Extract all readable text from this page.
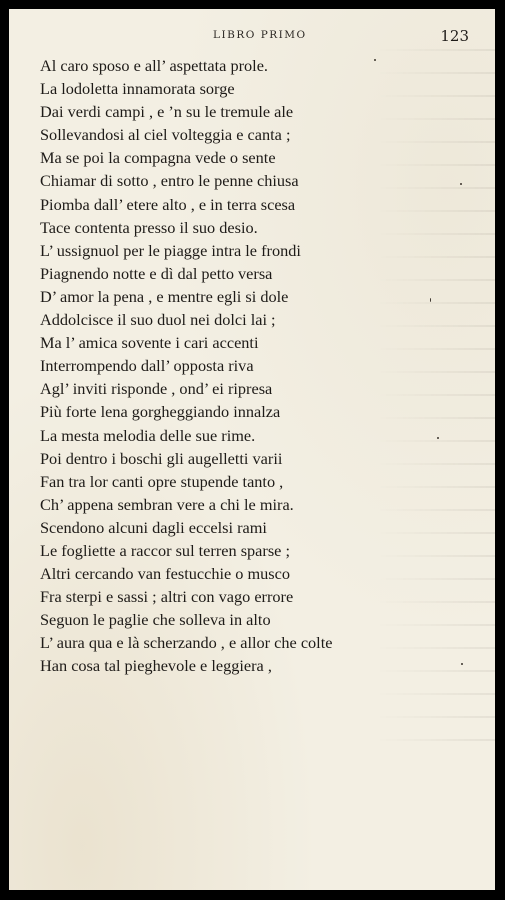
LIBRO PRIMO	123
Al caro sposo e all’ aspettata prole.
La lodoletta innamorata sorge
Dai verdi campi , e ’n su le tremule ale
Sollevandosi al ciel volteggia e canta ;
Ma se poi la compagna vede o sente
Chiamar di sotto , entro le penne chiusa
Piomba dall’ etere alto , e in terra scesa
Tace contenta presso il suo desio.
L’ ussignuol per le piagge intra le frondi
Piagnendo notte e dì dal petto versa
D’ amor la pena , e mentre egli si dole
Addolcisce il suo duol nei dolci lai ;
Ma l’ amica sovente i cari accenti
Interrompendo dall’ opposta riva
Agl’ inviti risponde , ond’ ei ripresa
Più forte lena gorgheggiando innalza
La mesta melodia delle sue rime.
Poi dentro i boschi gli augelletti varii
Fan tra lor canti opre stupende tanto ,
Ch’ appena sembran vere a chi le mira.
Scendono alcuni dagli eccelsi rami
Le fogliette a raccor sul terren sparse ;
Altri cercando van festucchie o musco
Fra sterpi e sassi ; altri con vago errore
Seguon le paglie che solleva in alto
L’ aura qua e là scherzando , e allor che colte
Han cosa tal pieghevole e leggiera ,
